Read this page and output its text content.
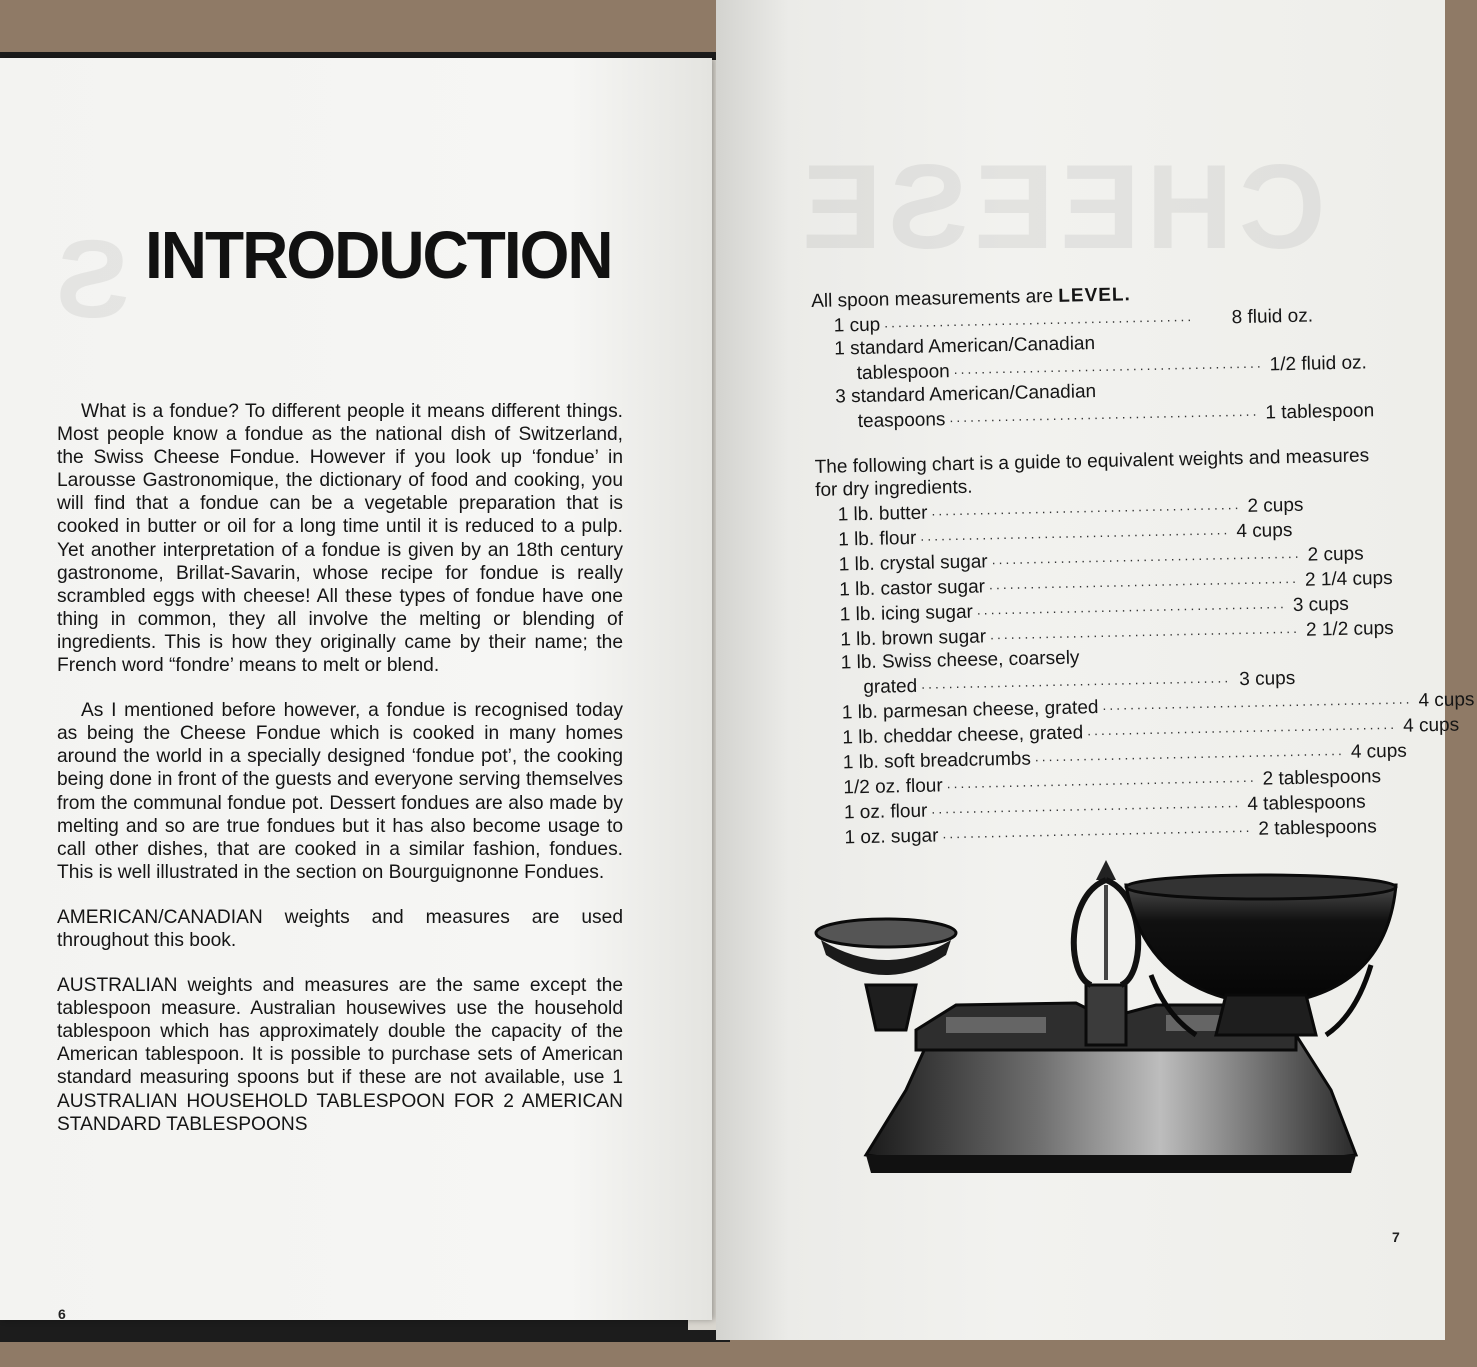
S INTRODUCTION

What is a fondue? To different people it means different things. Most people know a fondue as the national dish of Switzerland, the Swiss Cheese Fondue. However if you look up ‘fondue’ in Larousse Gastronomique, the dictionary of food and cooking, you will find that a fondue can be a vegetable preparation that is cooked in butter or oil for a long time until it is reduced to a pulp. Yet another interpretation of a fondue is given by an 18th century gastronome, Brillat-Savarin, whose recipe for fondue is really scrambled eggs with cheese! All these types of fondue have one thing in common, they all involve the melting or blending of ingredients. This is how they originally came by their name; the French word “fondre’ means to melt or blend.

As I mentioned before however, a fondue is recognised today as being the Cheese Fondue which is cooked in many homes around the world in a specially designed ‘fondue pot’, the cooking being done in front of the guests and everyone serving themselves from the communal fondue pot. Dessert fondues are also made by melting and so are true fondues but it has also become usage to call other dishes, that are cooked in a similar fashion, fondues. This is well illustrated in the section on Bourguignonne Fondues.

AMERICAN/CANADIAN weights and measures are used throughout this book.

AUSTRALIAN weights and measures are the same except the tablespoon measure. Australian housewives use the household tablespoon which has approximately double the capacity of the American tablespoon. It is possible to purchase sets of American standard measuring spoons but if these are not available, use 1 AUSTRALIAN HOUSEHOLD TABLESPOON FOR 2 AMERICAN STANDARD TABLESPOONS

6
CHEESE
All spoon measurements are LEVEL.
1 cup .............................................	8 fluid oz.
1 standard American/Canadian
tablespoon ............................................. 1/2 fluid oz.
3 standard American/Canadian
teaspoons ............................................. 1 tablespoon
The following chart is a guide to equivalent weights and measures for dry ingredients.
1 lb. butter ............................................. 2 cups
1 lb. flour ............................................. 4 cups
1 lb. crystal sugar ............................................. 2 cups
1 lb. castor sugar ............................................. 2 1/4 cups
1 lb. icing sugar ............................................. 3 cups
1 lb. brown sugar ............................................. 2 1/2 cups
1 lb. Swiss cheese, coarsely
grated ............................................. 3 cups
1 lb. parmesan cheese, grated ............................................. 4 cups
1 lb. cheddar cheese, grated ............................................. 4 cups
1 lb. soft breadcrumbs ............................................. 4 cups
1/2 oz. flour ............................................. 2 tablespoons
1 oz. flour ............................................. 4 tablespoons
1 oz. sugar ............................................. 2 tablespoons
7
